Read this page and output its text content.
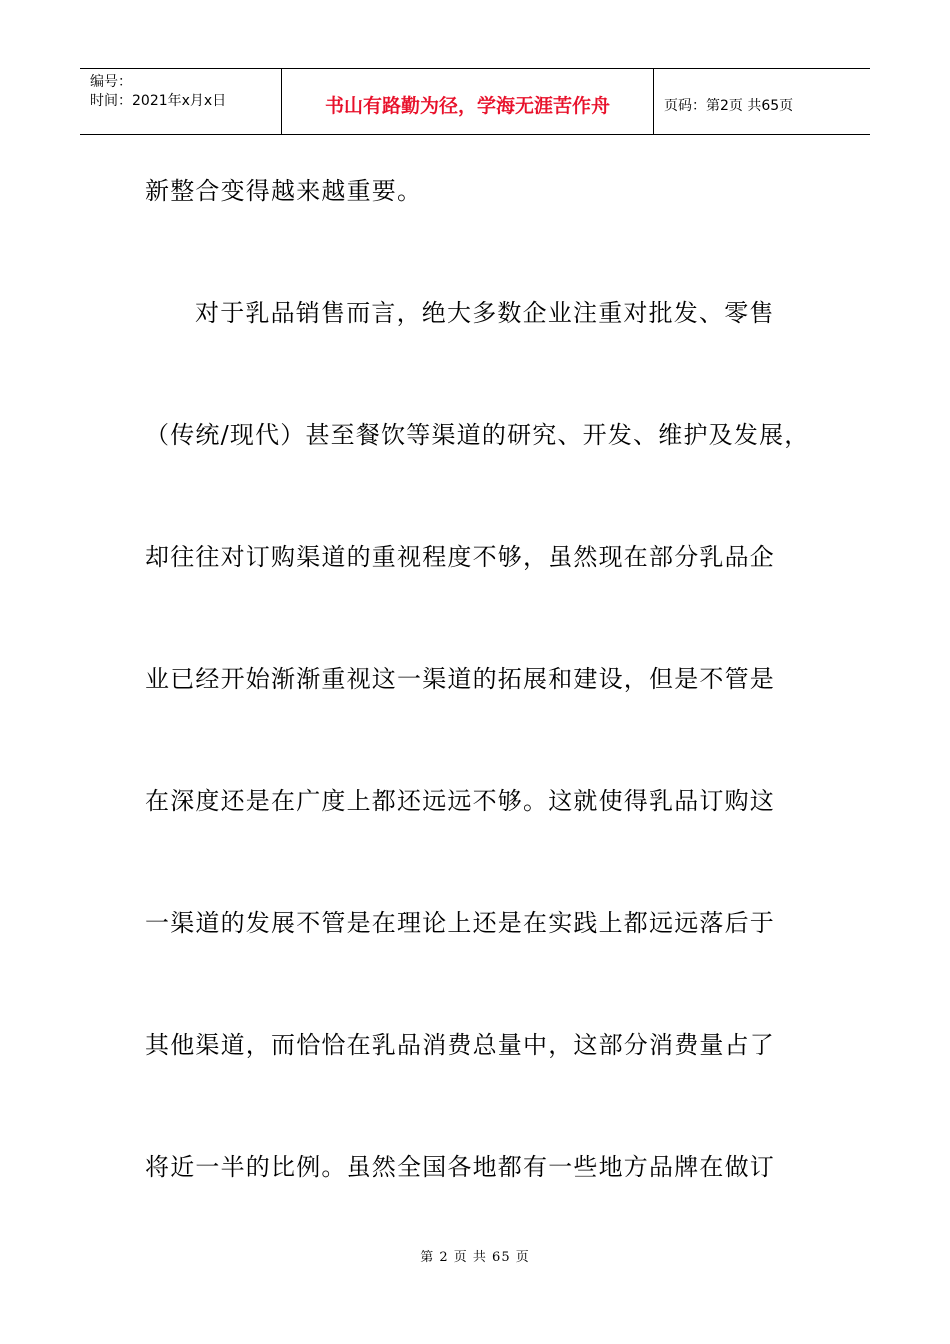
编号：
时间：2021年x月x日	书山有路勤为径，学海无涯苦作舟	页码：第2页 共65页
新整合变得越来越重要。
对于乳品销售而言，绝大多数企业注重对批发、零售
（传统/现代）甚至餐饮等渠道的研究、开发、维护及发展，
却往往对订购渠道的重视程度不够，虽然现在部分乳品企
业已经开始渐渐重视这一渠道的拓展和建设，但是不管是
在深度还是在广度上都还远远不够。这就使得乳品订购这
一渠道的发展不管是在理论上还是在实践上都远远落后于
其他渠道，而恰恰在乳品消费总量中，这部分消费量占了
将近一半的比例。虽然全国各地都有一些地方品牌在做订
第 2 页 共 65 页
